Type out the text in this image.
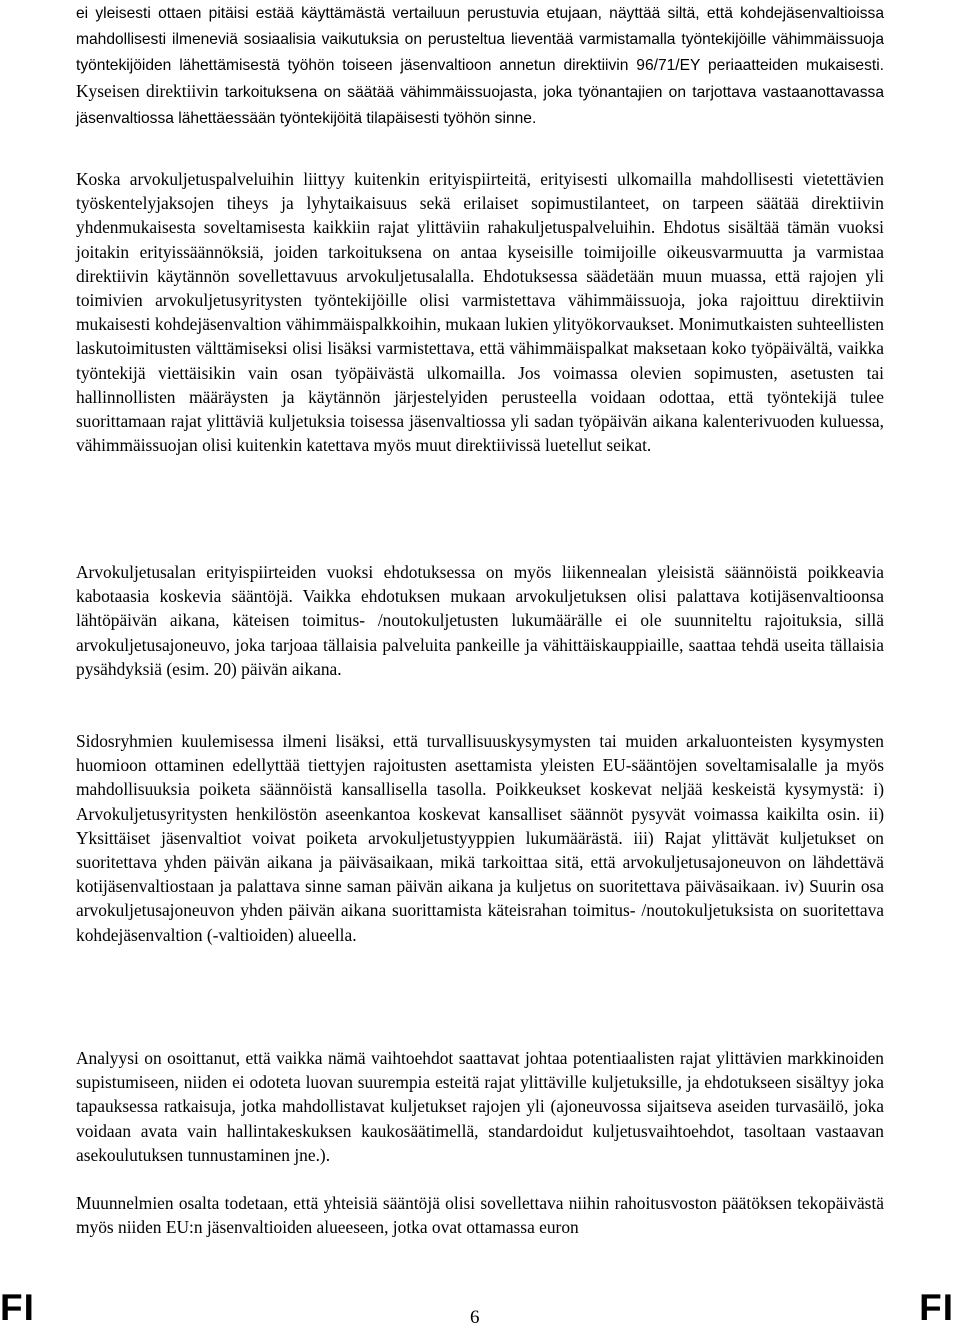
ei yleisesti ottaen pitäisi estää käyttämästä vertailuun perustuvia etujaan, näyttää siltä, että kohdejäsenvaltioissa mahdollisesti ilmeneviä sosiaalisia vaikutuksia on perusteltua lieventää varmistamalla työntekijöille vähimmäissuoja työntekijöiden lähettämisestä työhön toiseen jäsenvaltioon annetun direktiivin 96/71/EY periaatteiden mukaisesti. Kyseisen direktiivin tarkoituksena on säätää vähimmäissuojasta, joka työnantajien on tarjottava vastaanottavassa jäsenvaltiossa lähettäessään työntekijöitä tilapäisesti työhön sinne.

Koska arvokuljetuspalveluihin liittyy kuitenkin erityispiirteitä, erityisesti ulkomailla mahdollisesti vietettävien työskentelyjaksojen tiheys ja lyhytaikaisuus sekä erilaiset sopimustilanteet, on tarpeen säätää direktiivin yhdenmukaisesta soveltamisesta kaikkiin rajat ylittäviin rahakuljetuspalveluihin. Ehdotus sisältää tämän vuoksi joitakin erityissäännöksiä, joiden tarkoituksena on antaa kyseisille toimijoille oikeusvarmuutta ja varmistaa direktiivin käytännön sovellettavuus arvokuljetusalalla. Ehdotuksessa säädetään muun muassa, että rajojen yli toimivien arvokuljetusyritysten työntekijöille olisi varmistettava vähimmäissuoja, joka rajoittuu direktiivin mukaisesti kohdejäsenvaltion vähimmäispalkkoihin, mukaan lukien ylityökorvaukset. Monimutkaisten suhteellisten laskutoimitusten välttämiseksi olisi lisäksi varmistettava, että vähimmäispalkat maksetaan koko työpäivältä, vaikka työntekijä viettäisikin vain osan työpäivästä ulkomailla. Jos voimassa olevien sopimusten, asetusten tai hallinnollisten määräysten ja käytännön järjestelyiden perusteella voidaan odottaa, että työntekijä tulee suorittamaan rajat ylittäviä kuljetuksia toisessa jäsenvaltiossa yli sadan työpäivän aikana kalenterivuoden kuluessa, vähimmäissuojan olisi kuitenkin katettava myös muut direktiivissä luetellut seikat.

Arvokuljetusalan erityispiirteiden vuoksi ehdotuksessa on myös liikennealan yleisistä säännöistä poikkeavia kabotaasia koskevia sääntöjä. Vaikka ehdotuksen mukaan arvokuljetuksen olisi palattava kotijäsenvaltioonsa lähtöpäivän aikana, käteisen toimitus- /noutokuljetusten lukumäärälle ei ole suunniteltu rajoituksia, sillä arvokuljetusajoneuvo, joka tarjoaa tällaisia palveluita pankeille ja vähittäiskauppiaille, saattaa tehdä useita tällaisia pysähdyksiä (esim. 20) päivän aikana.

Sidosryhmien kuulemisessa ilmeni lisäksi, että turvallisuuskysymysten tai muiden arkaluonteisten kysymysten huomioon ottaminen edellyttää tiettyjen rajoitusten asettamista yleisten EU-sääntöjen soveltamisalalle ja myös mahdollisuuksia poiketa säännöistä kansallisella tasolla. Poikkeukset koskevat neljää keskeistä kysymystä: i) Arvokuljetusyritysten henkilöstön aseenkantoa koskevat kansalliset säännöt pysyvät voimassa kaikilta osin. ii) Yksittäiset jäsenvaltiot voivat poiketa arvokuljetustyyppien lukumäärästä. iii) Rajat ylittävät kuljetukset on suoritettava yhden päivän aikana ja päiväsaikaan, mikä tarkoittaa sitä, että arvokuljetusajoneuvon on lähdettävä kotijäsenvaltiostaan ja palattava sinne saman päivän aikana ja kuljetus on suoritettava päiväsaikaan. iv) Suurin osa arvokuljetusajoneuvon yhden päivän aikana suorittamista käteisrahan toimitus- /noutokuljetuksista on suoritettava kohdejäsenvaltion (-valtioiden) alueella.

Analyysi on osoittanut, että vaikka nämä vaihtoehdot saattavat johtaa potentiaalisten rajat ylittävien markkinoiden supistumiseen, niiden ei odoteta luovan suurempia esteitä rajat ylittäville kuljetuksille, ja ehdotukseen sisältyy joka tapauksessa ratkaisuja, jotka mahdollistavat kuljetukset rajojen yli (ajoneuvossa sijaitseva aseiden turvasäilö, joka voidaan avata vain hallintakeskuksen kaukosäätimellä, standardoidut kuljetusvaihtoehdot, tasoltaan vastaavan asekoulutuksen tunnustaminen jne.).

Muunnelmien osalta todetaan, että yhteisiä sääntöjä olisi sovellettava niihin rahoitusvoston päätöksen tekopäivästä myös niiden EU:n jäsenvaltioiden alueeseen, jotka ovat ottamassa euron

FI	6	FI
